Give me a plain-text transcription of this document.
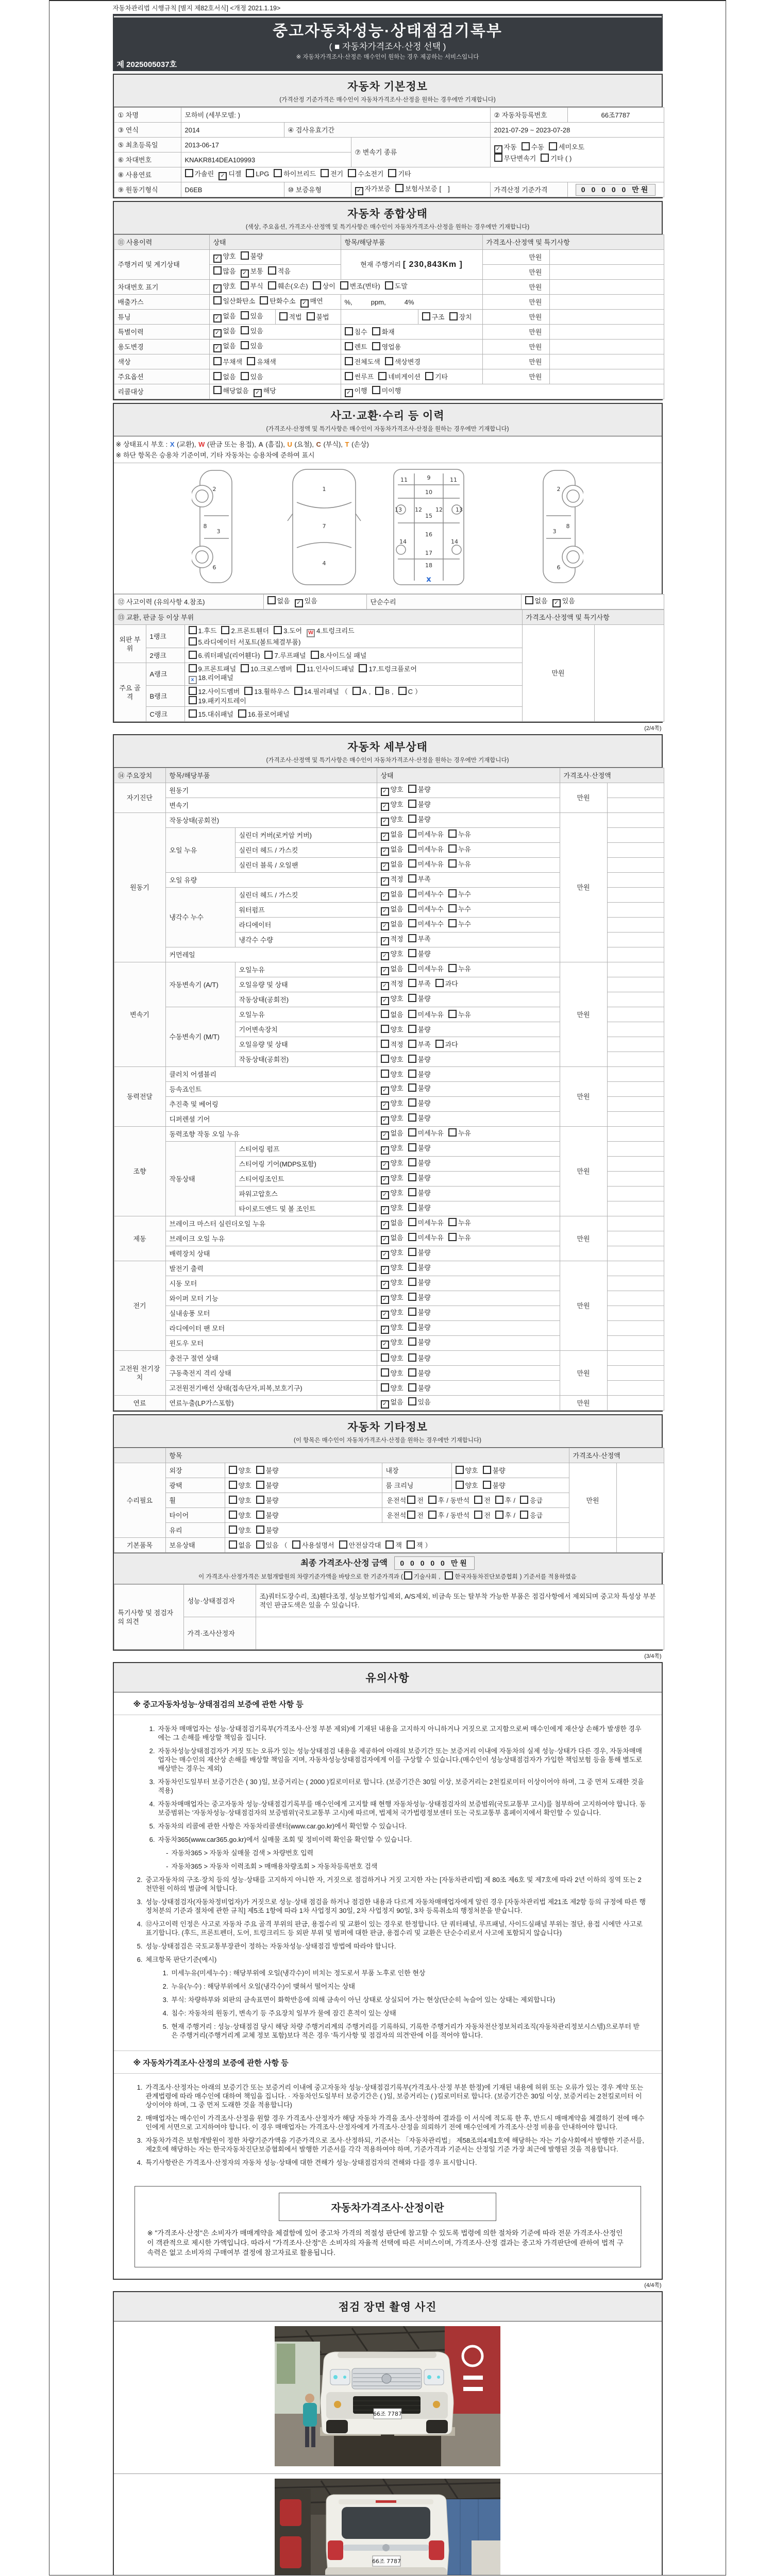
자동차관리법 시행규칙 [별지 제82호서식] <개정 2021.1.19>
중고자동차성능·상태점검기록부
( ■ 자동차가격조사·산정 선택 )
※ 자동차가격조사·산정은 매수인이 원하는 경우 제공하는 서비스입니다
제 2025005037호
자동차 기본정보
(가격산정 기준가격은 매수인이 자동차가격조사·산정을 원하는 경우에만 기재합니다)
① 차명	모하비 (세부모델: )			② 자동차등록번호	66조7787
③ 연식	2014	④ 검사유효기간		2021-07-29 ~ 2023-07-28	
⑤ 최초등록일	2013-06-17		⑦ 변속기 종류	✓ 자동 수동 세미오토
무단변속기 기타 ( )	

⑥ 차대번호	KNAKR814DEA109993				
⑧ 사용연료	가솔린 ✓ 디젤 LPG 하이브리드 전기 수소전기 기타				
⑨ 원동기형식	D6EB	⑩ 보증유형	✓ 자가보증 보험사보증 [　]	가격산정 기준가격	0 0 0 0 0 만원
자동차 종합상태
(색상, 주요옵션, 가격조사·산정액 및 특기사항은 매수인이 자동차가격조사·산정을 원하는 경우에만 기재합니다)
⑪ 사용이력	상태		항목/해당부품		가격조사·산정액 및 특기사항	
주행거리 및 계기상태	✓ 양호 불량		현재 주행거리 [ 230,843Km ]		만원	
	많음 ✓ 보통 적음				만원	
차대번호 표기	✓ 양호 부식 훼손(오손) 상이 변조(변타) 도말				만원	
배출가스	일산화탄소 탄화수소 ✓ 매연		%,          ppm,          4%		만원	
튜닝	✓ 없음 있음	적법 불법		구조 장치	만원	
특별이력	✓ 없음 있음		침수 화재		만원	
용도변경	✓ 없음 있음		렌트 영업용		만원	
색상	무채색 유채색		전체도색 색상변경		만원	
주요옵션	없음 있음		썬루프 네비게이션 기타		만원	
리콜대상	해당없음 ✓ 해당		✓ 이행 미이행			
사고·교환·수리 등 이력
(가격조사·산정액 및 특기사항은 매수인이 자동차가격조사·산정을 원하는 경우에만 기재합니다)
※ 상태표시 부호 : X (교환), W (판금 또는 용접), A (흠집), U (요철), C (부식), T (손상)
※ 하단 항목은 승용차 기준이며, 기타 자동차는 승용차에 준하여 표시
2
8
3
6
1
7
4
9
11	11
10
13 12 12 13
15
16
14	14
17
18
2
3
8
6
x
⑫ 사고이력 (유의사항 4.참조)	없음 ✓ 있음	단순수리	없음 ✓ 있음
⑬ 교환, 판금 등 이상 부위			가격조사·산정액 및 특기사항	
외판 부위	1랭크	1.후드 2.프론트휀더 3.도어 W 4.트렁크리드
5.라디에이터 서포트(볼트체결부품)	만원	
	2랭크	6.쿼터패널(리어휀다) 7.루프패널 8.사이드실 패널		
주요 골격	A랭크	9.프론트패널 10.크로스멤버 11.인사이드패널 17.트렁크플로어
x 18.리어패널		
	B랭크	12.사이드멤버 13.휠하우스 14.필러패널 （ A , B , C ）
19.패키지트레이		
	C랭크	15.대쉬패널 16.플로어패널		
(2/4쪽)
자동차 세부상태
(가격조사·산정액 및 특기사항은 매수인이 자동차가격조사·산정을 원하는 경우에만 기재합니다)
⑭ 주요장치	항목/해당부품		상태	가격조사·산정액	
자기진단	원동기		✓ 양호 불량	만원	
	변속기		✓ 양호 불량		
원동기	작동상태(공회전)		✓ 양호 불량	만원	
	오일 누유	실린더 커버(로커암 커버)	✓ 없음 미세누유 누유		
		실린더 헤드 / 가스킷	✓ 없음 미세누유 누유		
		실린더 블록 / 오일팬	✓ 없음 미세누유 누유		
	오일 유량		✓ 적정 부족		
	냉각수 누수	실린더 헤드 / 가스킷	✓ 없음 미세누수 누수		
		워터펌프	✓ 없음 미세누수 누수		
		라디에이터	✓ 없음 미세누수 누수		
		냉각수 수량	✓ 적정 부족		
	커먼레일		✓ 양호 불량		
변속기	자동변속기 (A/T)	오일누유	✓ 없음 미세누유 누유	만원	
		오일유량 및 상태	✓ 적정 부족 과다		
		작동상태(공회전)	✓ 양호 불량		
	수동변속기 (M/T)	오일누유	없음 미세누유 누유		
		기어변속장치	양호 불량		
		오일유량 및 상태	적정 부족 과다		
		작동상태(공회전)	양호 불량		
동력전달	클러치 어셈블리		양호 불량	만원	
	등속죠인트		✓ 양호 불량		
	추진축 및 베어링		✓ 양호 불량		
	디퍼렌셜 기어		✓ 양호 불량		
조향	동력조향 작동 오일 누유		✓ 없음 미세누유 누유	만원	
	작동상태	스티어링 펌프	✓ 양호 불량		
		스티어링 기어(MDPS포함)	✓ 양호 불량		
		스티어링조인트	✓ 양호 불량		
		파워고압호스	✓ 양호 불량		
		타이로드엔드 및 볼 조인트	✓ 양호 불량		
제동	브레이크 마스터 실린더오일 누유		✓ 없음 미세누유 누유	만원	
	브레이크 오일 누유		✓ 없음 미세누유 누유		
	배력장치 상태		✓ 양호 불량		
전기	발전기 출력		✓ 양호 불량	만원	
	시동 모터		✓ 양호 불량		
	와이퍼 모터 기능		✓ 양호 불량		
	실내송풍 모터		✓ 양호 불량		
	라디에이터 팬 모터		✓ 양호 불량		
	윈도우 모터		✓ 양호 불량		
고전원 전기장치	충전구 절연 상태		양호 불량	만원	
	구동축전지 격리 상태		양호 불량		
	고전원전기배선 상태(접속단자,피복,보호기구)		양호 불량		
연료	연료누출(LP가스포함)		✓ 없음 있음	만원	
자동차 기타정보
(이 항목은 매수인이 자동차가격조사·산정을 원하는 경우에만 기재합니다)
	항목				가격조사·산정액	
수리필요	외장	양호 불량	내장	양호 불량	만원	
	광택	양호 불량	룸 크리닝	양호 불량		
	휠	양호 불량	운전석 전 후 / 동반석 전 후 / 응급			
	타이어	양호 불량	운전석 전 후 / 동반석 전 후 / 응급			
	유리	양호 불량				
기본품목	보유상태	없음 있음 （ 사용설명서 안전삼각대 잭 잭 ）				
최종 가격조사·산정 금액 0 0 0 0 0 만원
이 가격조사·산정가격은 보험개발원의 차량기준가액을 바탕으로 한 기준가격과 ( 기술사회 , 한국자동차진단보증협회 ) 기준서를 적용하였음
특기사항 및 점검자의 의견	성능·상태점검자	조)쿼터도장수리, 조)휀다조정, 성능보험가입제외, A/S제외, 비금속 또는 탈부착 가능한 부품은 점검사항에서 제외되며 중고차 특성상 부분적인 판금도색은 있을 수 있습니다.
	가격·조사산정자	
(3/4쪽)
유의사항
※ 중고자동차성능·상태점검의 보증에 관한 사항 등
1. 자동차 매매업자는 성능·상태점검기록부(가격조사·산정 부분 제외)에 기재된 내용을 고지하지 아니하거나 거짓으로 고지함으로써 매수인에게 재산상 손해가 발생한 경우에는 그 손해를 배상할 책임을 집니다.
2. 자동차성능상태점검자가 거짓 또는 오류가 있는 성능상태점검 내용을 제공하여 아래의 보증기간 또는 보증거리 이내에 자동차의 실제 성능·상태가 다른 경우, 자동차매매업자는 매수인의 재산상 손해를 배상할 책임을 지며, 자동차성능상태점검자에게 이를 구상할 수 있습니다.(매수인이 성능상태점검자가 가입한 책임보험 등을 통해 별도로 배상받는 경우는 제외)
3. 자동차인도일부터 보증기간은 ( 30 )일, 보증거리는 ( 2000 )킬로미터로 합니다. (보증기간은 30일 이상, 보증거리는 2천킬로미터 이상이어야 하며, 그 중 먼저 도래한 것을 적용)
4. 자동차매매업자는 중고자동차 성능·상태점검기록부를 매수인에게 고지할 때 현행 자동차성능·상태점검자의 보증범위(국토교통부 고시)를 첨부하여 고지하여야 합니다. 동 보증범위는 '자동차성능·상태점검자의 보증범위'(국토교통부 고시)에 따르며, 법제처 국가법령정보센터 또는 국토교통부 홈페이지에서 확인할 수 있습니다.
5. 자동차의 리콜에 관한 사항은 자동차리콜센터(www.car.go.kr)에서 확인할 수 있습니다.
6. 자동차365(www.car365.go.kr)에서 실매물 조회 및 정비이력 확인을 확인할 수 있습니다.
- 자동차365 > 자동차 실매물 검색 > 차량번호 입력
- 자동차365 > 자동차 이력조회 > 매매용차량조회 > 자동차등록번호 검색
2. 중고자동차의 구조·장치 등의 성능·상태를 고지하지 아니한 자, 거짓으로 점검하거나 거짓 고지한 자는 [자동차관리법] 제 80조 제6호 및 제7호에 따라 2년 이하의 징역 또는 2천만원 이하의 벌금에 처합니다.
3. 성능·상태점검자(자동차정비업자)가 거짓으로 성능·상태 점검을 하거나 점검한 내용과 다르게 자동차매매업자에게 알린 경우 [자동차관리법 제21조 제2항 등의 규정에 따른 행정처분의 기준과 절차에 관한 규칙] 제5조 1항에 따라 1차 사업정지 30일, 2차 사업정지 90일, 3차 등록취소의 행정처분을 받습니다.
4. ⑫사고이력 인정은 사고로 자동차 주요 골격 부위의 판금, 용접수리 및 교환이 있는 경우로 한정합니다. 단 쿼터패널, 루프패널, 사이드실패널 부위는 절단, 용접 시에만 사고로 표기합니다. (후드, 프론트펜더, 도어, 트렁크리드 등 외판 부위 및 범퍼에 대한 판금, 용접수리 및 교환은 단순수리로서 사고에 포함되지 않습니다)
5. 성능·상태점검은 국토교통부장관이 정하는 자동차성능·상태점검 방법에 따라야 합니다.
6. 체크항목 판단기준(예시)
1. 미세누유(미세누수) : 해당부위에 오일(냉각수)이 비치는 정도로서 부품 노후로 인한 현상
2. 누유(누수) : 해당부위에서 오일(냉각수)이 맺혀서 떨어지는 상태
3. 부식: 차량하부와 외판의 금속표면이 화학반응에 의해 금속이 아닌 상태로 상실되어 가는 현상(단순히 녹슬어 있는 상태는 제외합니다)
4. 침수: 자동차의 원동기, 변속기 등 주요장치 일부가 물에 잠긴 흔적이 있는 상태
5. 현재 주행거리 : 성능·상태점검 당시 해당 차량 주행거리계의 주행거리를 기록하되, 기록한 주행거리가 자동차전산정보처리조직(자동차관리정보시스템)으로부터 받은 주행거리(주행거리계 교체 정보 포함)보다 적은 경우 '특기사항 및 점검자의 의견'란에 이를 적어야 합니다.
※ 자동차가격조사·산정의 보증에 관한 사항 등
1. 가격조사·산정자는 아래의 보증기간 또는 보증거리 이내에 중고자동차 성능·상태점검기록부(가격조사·산정 부분 한정)에 기재된 내용에 허위 또는 오류가 있는 경우 계약 또는 관계법령에 따라 매수인에 대하여 책임을 집니다. · 자동차인도일부터 보증기간은 ( )일, 보증거리는 ( )킬로미터로 합니다. (보증기간은 30일 이상, 보증거리는 2천킬로미터 이상이어야 하며, 그 중 먼저 도래한 것을 적용합니다)
2. 매매업자는 매수인이 가격조사·산정을 원할 경우 가격조사·산정자가 해당 자동차 가격을 조사·산정하여 결과를 이 서식에 적도록 한 후, 반드시 매매계약을 체결하기 전에 매수인에게 서면으로 고지하여야 합니다. 이 경우 매매업자는 가격조사·산정자에게 가격조사·산정을 의뢰하기 전에 매수인에게 가격조사·산정 비용을 안내하여야 합니다.
3. 자동차가격은 보험개발원이 정한 차량기준가액을 기준가격으로 조사·산정하되, 기준서는 「자동차관리법」 제58조의4제1호에 해당하는 자는 기술사회에서 발행한 기준서를, 제2호에 해당하는 자는 한국자동차진단보증협회에서 발행한 기준서를 각각 적용하여야 하며, 기준가격과 기준서는 산정일 기준 가장 최근에 발행된 것을 적용합니다.
4. 특기사항란은 가격조사·산정자의 자동차 성능·상태에 대한 견해가 성능·상태점검자의 견해와 다를 경우 표시합니다.
자동차가격조사·산정이란
※ "가격조사·산정"은 소비자가 매매계약을 체결함에 있어 중고차 가격의 적절성 판단에 참고할 수 있도록 법령에 의한 절차와 기준에 따라 전문 가격조사·산정인이 객관적으로 제시한 가액입니다. 따라서 "가격조사·산정"은 소비자의 자율적 선택에 따른 서비스이며, 가격조사·산정 결과는 중고차 가격판단에 관하여 법적 구속력은 없고 소비자의 구매여부 결정에 참고자료로 활용됩니다.
(4/4쪽)
점검 장면 촬영 사진
66조 7787
66조 7787
